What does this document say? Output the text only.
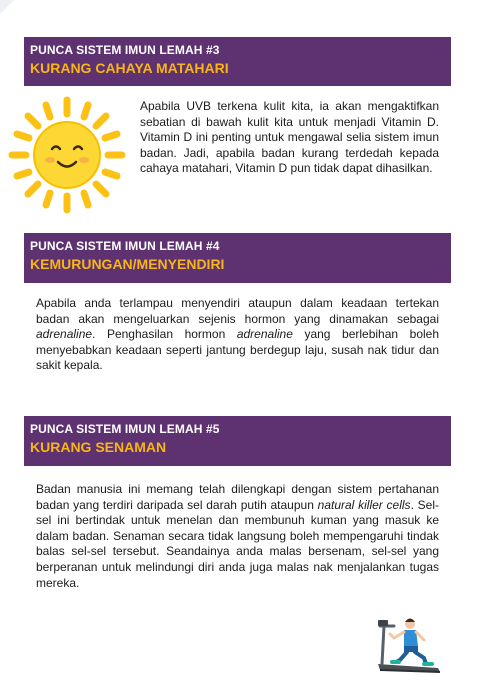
PUNCA SISTEM IMUN LEMAH #3
KURANG CAHAYA MATAHARI
Apabila UVB terkena kulit kita, ia akan mengaktifkan sebatian di bawah kulit kita untuk menjadi Vitamin D. Vitamin D ini penting untuk mengawal selia sistem imun badan. Jadi, apabila badan kurang terdedah kepada cahaya matahari, Vitamin D pun tidak dapat dihasilkan.
PUNCA SISTEM IMUN LEMAH #4
KEMURUNGAN/MENYENDIRI
Apabila anda terlampau menyendiri ataupun dalam keadaan tertekan badan akan mengeluarkan sejenis hormon yang dinamakan sebagai adrenaline. Penghasilan hormon adrenaline yang berlebihan boleh menyebabkan keadaan seperti jantung berdegup laju, susah nak tidur dan sakit kepala.
PUNCA SISTEM IMUN LEMAH #5
KURANG SENAMAN
Badan manusia ini memang telah dilengkapi dengan sistem pertahanan badan yang terdiri daripada sel darah putih ataupun natural killer cells. Sel-sel ini bertindak untuk menelan dan membunuh kuman yang masuk ke dalam badan. Senaman secara tidak langsung boleh mempengaruhi tindak balas sel-sel tersebut. Seandainya anda malas bersenam, sel-sel yang berperanan untuk melindungi diri anda juga malas nak menjalankan tugas mereka.
